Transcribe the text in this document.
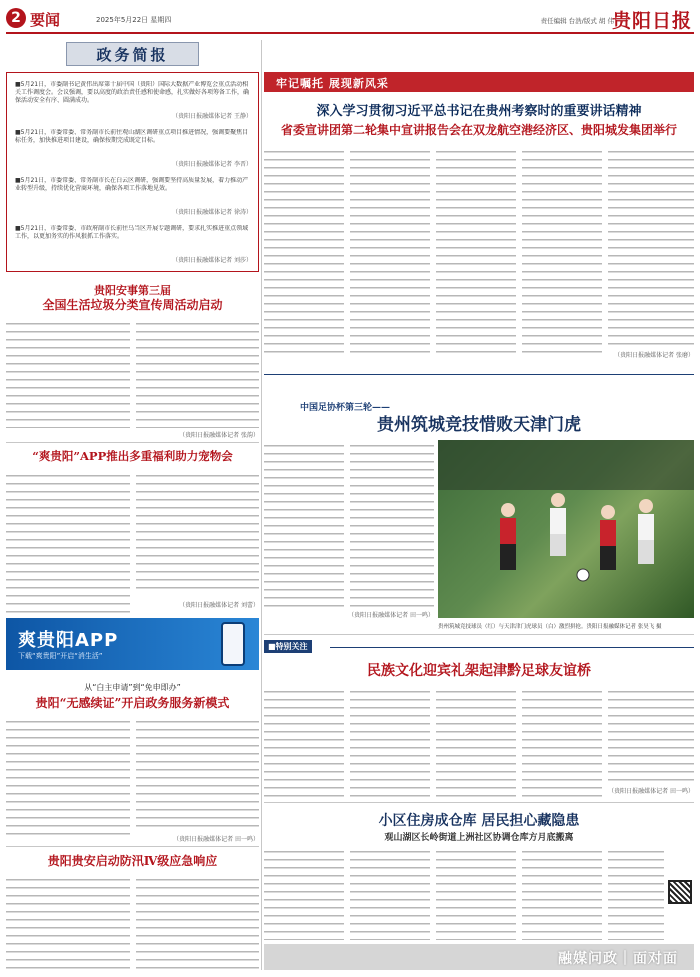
2 要闻	2025年5月22日 星期四	责任编辑 台浩/版式 胡 伟
贵阳日报
政务简报
■5月21日，市委副书记黄伟出席第十届中国（贵阳）国际大数据产业博览会重点活动相关工作调度会。会议强调，要以高度的政治责任感和使命感，扎实做好各项筹备工作，确保活动安全有序、圆满成功。
（贵阳日报融媒体记者 王静）
■5月21日，市委常委、常务副市长前往观山湖区调研重点项目推进情况，强调要聚焦目标任务，加快推进项目建设，确保按期完成既定目标。
（贵阳日报融媒体记者 李晋）
■5月21日，市委常委、常务副市长在白云区调研，强调要坚持高质量发展，着力推动产业转型升级，持续优化营商环境，确保各项工作落地见效。
（贵阳日报融媒体记者 徐涛）
■5月21日，市委常委、市政府副市长前往乌当区开展专题调研，要求扎实推进重点领域工作，以更加务实的作风狠抓工作落实。
（贵阳日报融媒体记者 刘莎）
贵阳安事第三届
全国生活垃圾分类宣传周活动启动
（贵阳日报融媒体记者 张韵）
“爽贵阳”APP推出多重福利助力宠物会
（贵阳日报融媒体记者 刘蕾）
爽贵阳APP
下载“爽贵阳”开启“消生活”
从“白主申请”到“免申即办”
贵阳“无感续证”开启政务服务新模式
（贵阳日报融媒体记者 田一鸣）
贵阳贵安启动防汛Ⅳ级应急响应
牢记嘱托 展现新风采
深入学习贯彻习近平总书记在贵州考察时的重要讲话精神
省委宣讲团第二轮集中宣讲报告会在双龙航空港经济区、贵阳城发集团举行
（贵阳日报融媒体记者 张磨）
中国足协杯第三轮——
贵州筑城竞技惜败天津门虎
（贵阳日报融媒体记者 田一鸣）
贵州筑城竞技球员（红）与天津津门虎球员（白）激烈拼抢。贵阳日报融媒体记者 张昊飞 摄
■特别关注
民族文化迎宾礼架起津黔足球友谊桥
（贵阳日报融媒体记者 田一鸣）
小区住房成仓库 居民担心藏隐患
观山湖区长岭街道上洲社区协调仓库方月底搬离
融媒问政｜面对面
